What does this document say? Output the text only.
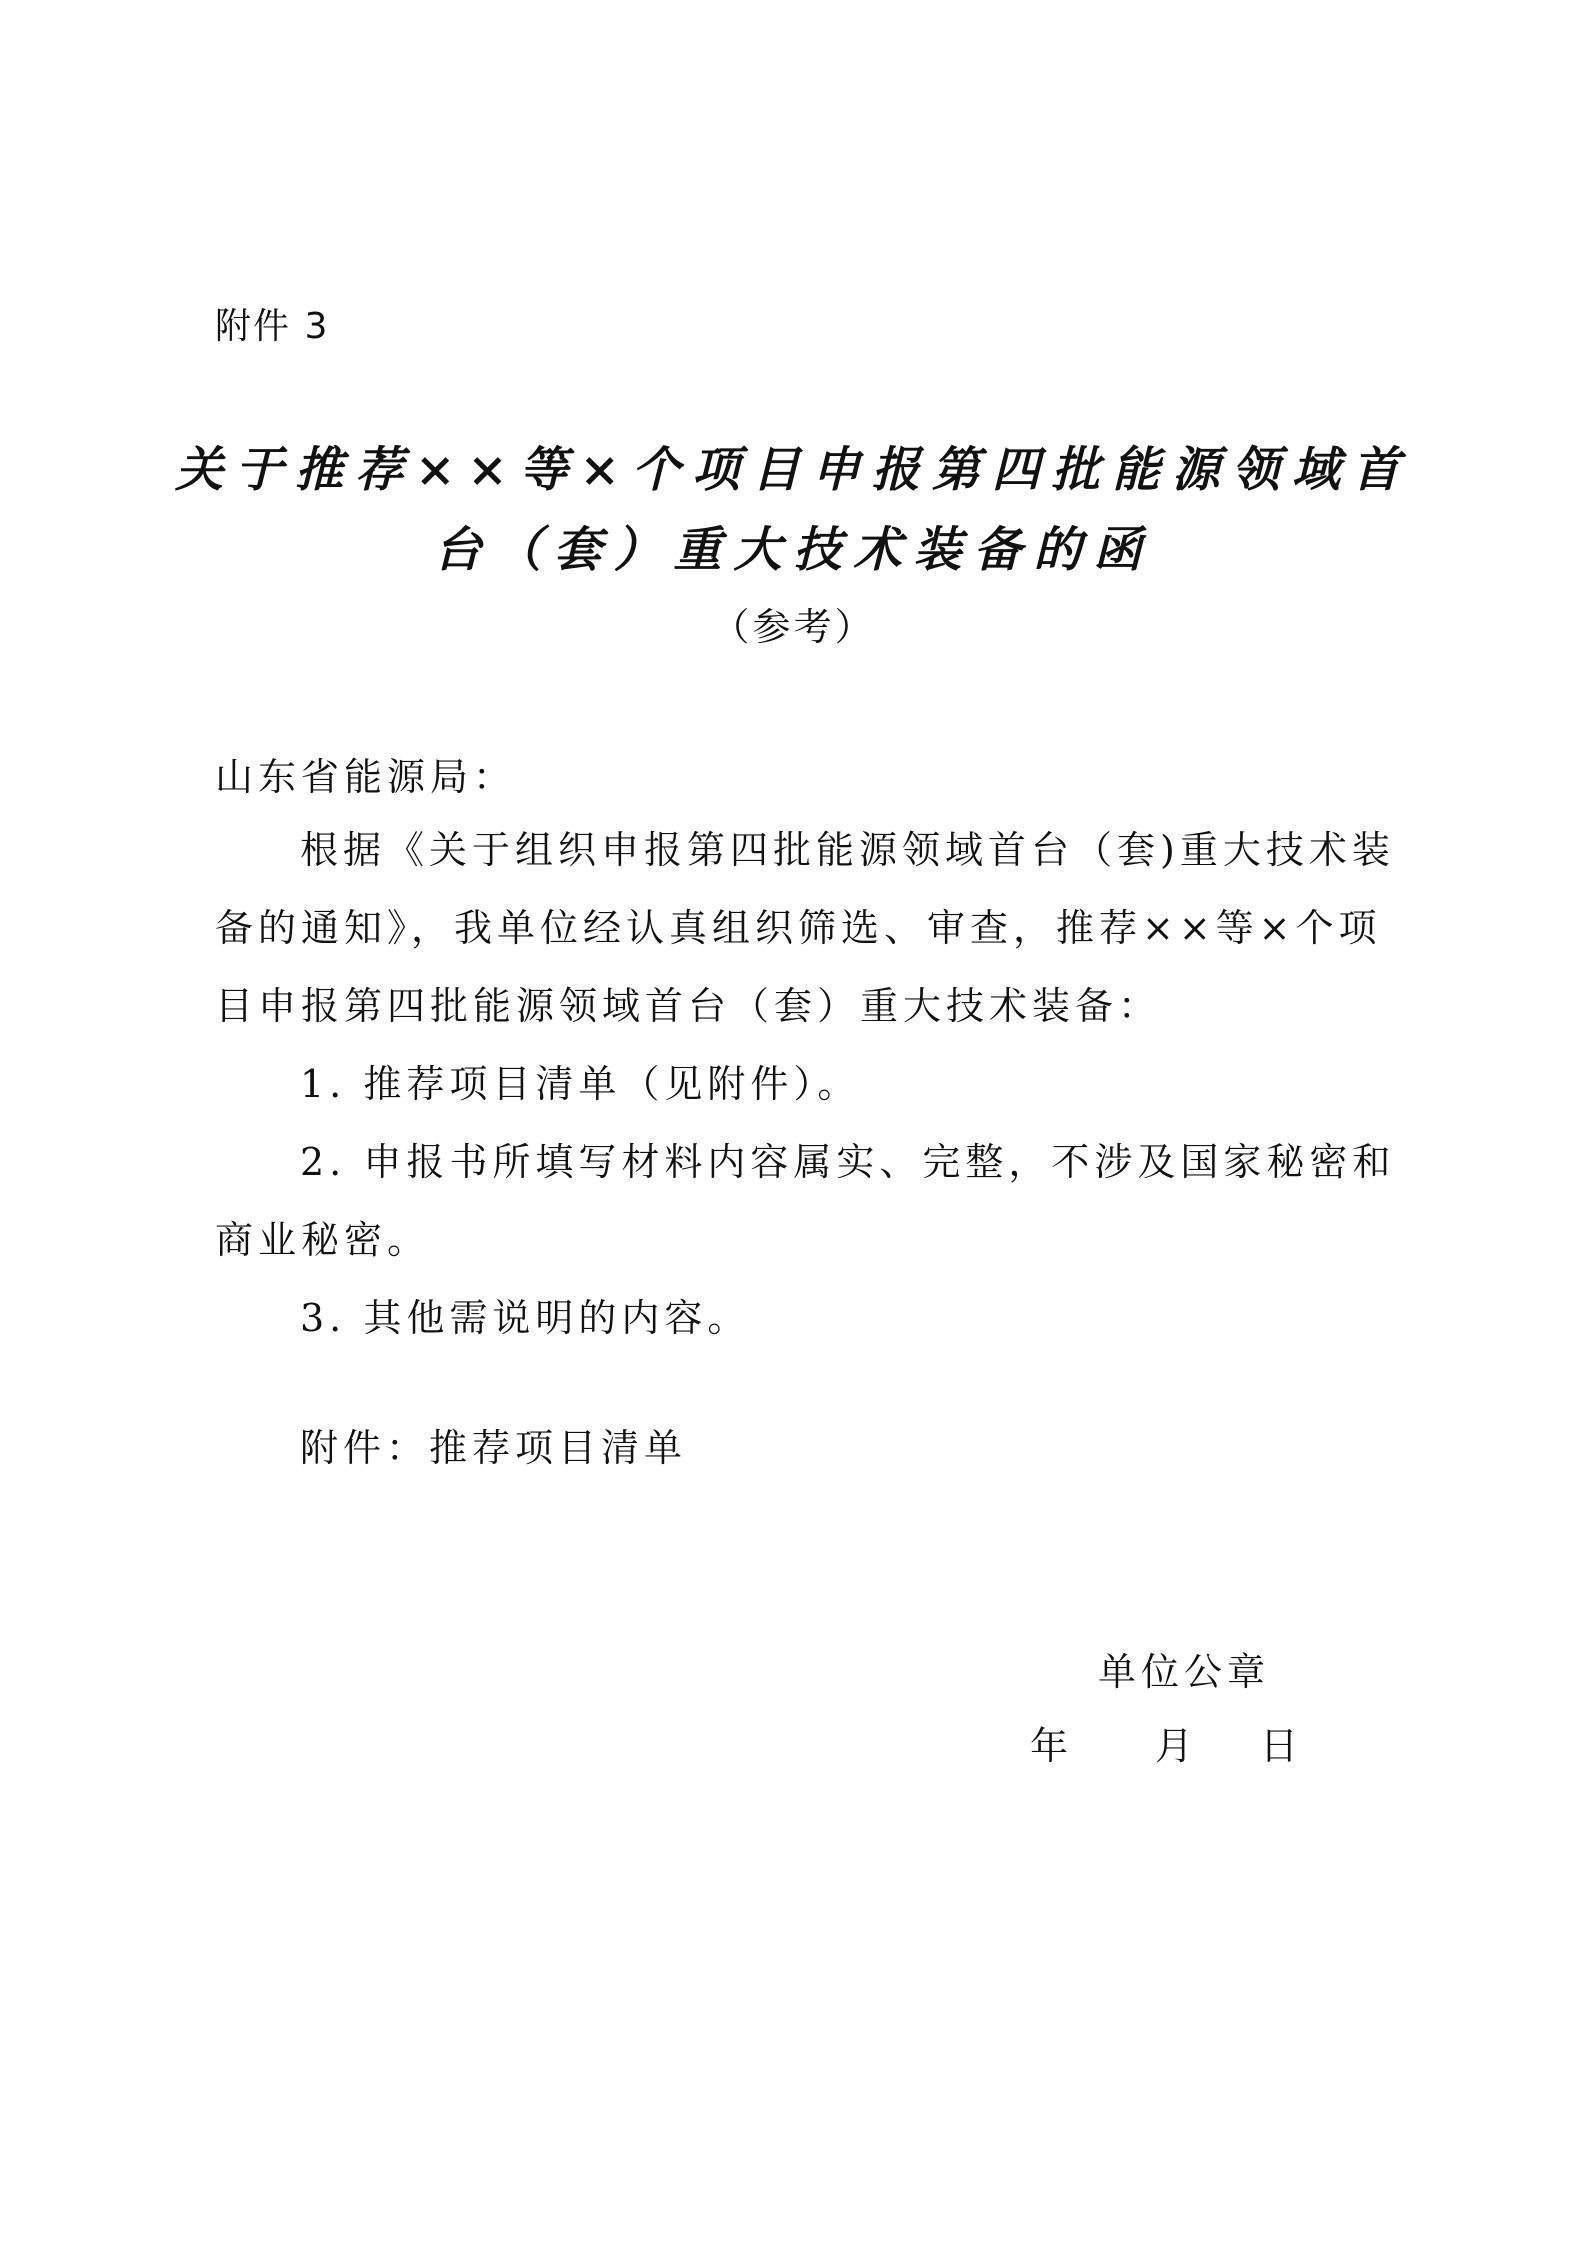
附件 3
关于推荐××等×个项目申报第四批能源领域首
台（套）重大技术装备的函
（参考）
山东省能源局：
根据《关于组织申报第四批能源领域首台（套)重大技术装
备的通知》，我单位经认真组织筛选、审查，推荐××等×个项
目申报第四批能源领域首台（套）重大技术装备：
1. 推荐项目清单（见附件）。
2. 申报书所填写材料内容属实、完整，不涉及国家秘密和
商业秘密。
3. 其他需说明的内容。
附件：推荐项目清单
单位公章
年 月 日
